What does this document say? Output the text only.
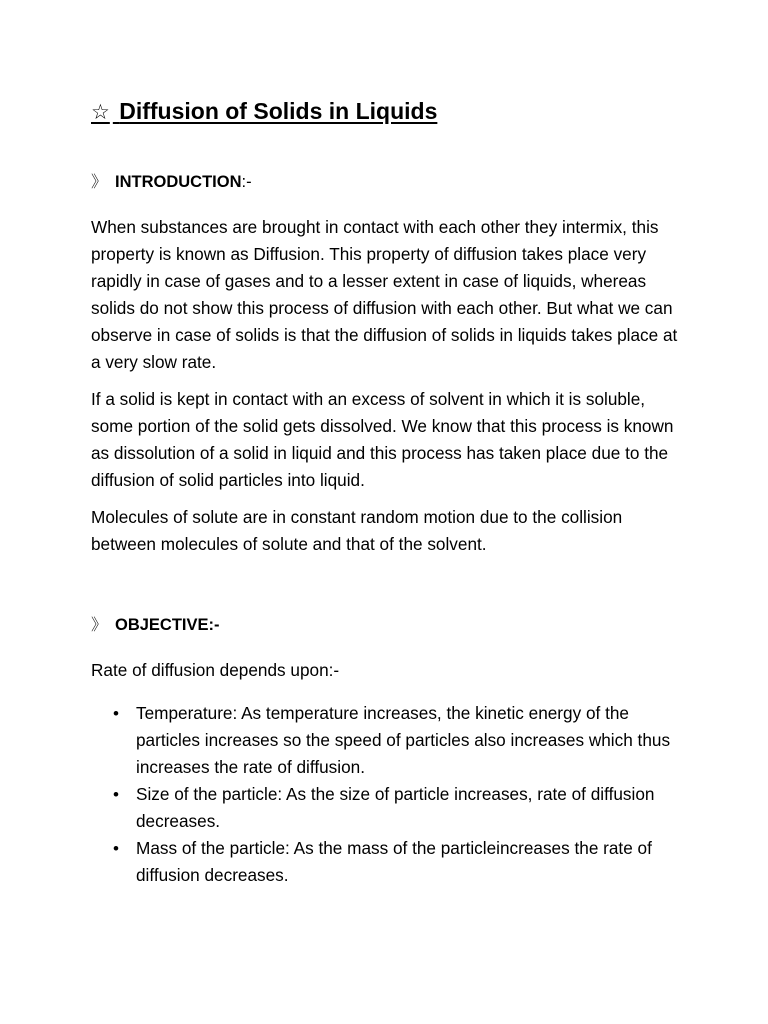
☆ Diffusion of Solids in Liquids
》 INTRODUCTION :-

When substances are brought in contact with each other they intermix, this property is known as Diffusion. This property of diffusion takes place very rapidly in case of gases and to a lesser extent in case of liquids, whereas solids do not show this process of diffusion with each other. But what we can observe in case of solids is that the diffusion of solids in liquids takes place at a very slow rate.

If a solid is kept in contact with an excess of solvent in which it is soluble, some portion of the solid gets dissolved. We know that this process is known as dissolution of a solid in liquid and this process has taken place due to the diffusion of solid particles into liquid.

Molecules of solute are in constant random motion due to the collision between molecules of solute and that of the solvent.

》 OBJECTIVE :-

Rate of diffusion depends upon:-

• Temperature: As temperature increases, the kinetic energy of the particles increases so the speed of particles also increases which thus increases the rate of diffusion.
• Size of the particle: As the size of particle increases, rate of diffusion decreases.
• Mass of the particle: As the mass of the particleincreases the rate of diffusion decreases.
